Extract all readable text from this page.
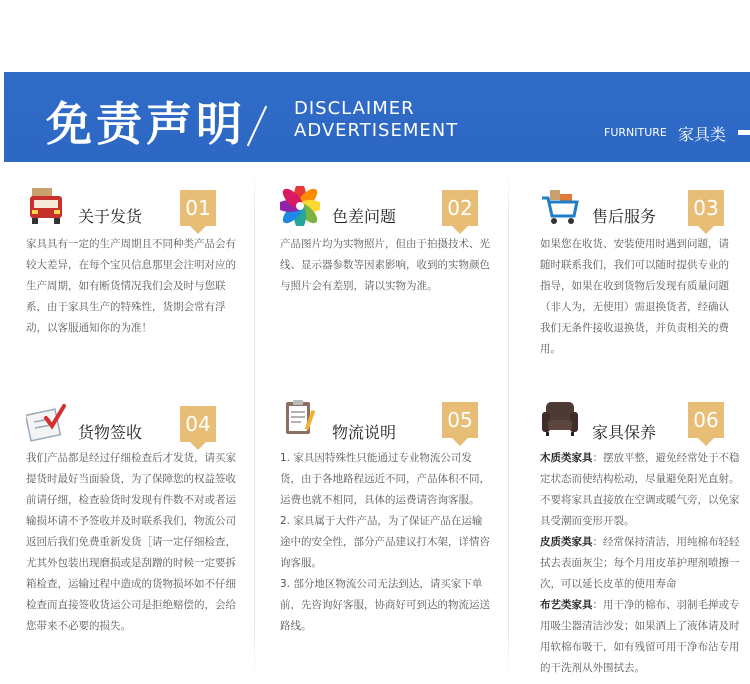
免责声明	DISCLAIMER
ADVERTISEMENT	FURNITURE 家具类
关于发货 01

家具具有一定的生产周期且不同种类产品会有较大差异，在每个宝贝信息那里会注明对应的生产周期，如有断货情况我们会及时与您联系，由于家具生产的特殊性，货期会常有浮动，以客服通知你的为准！

色差问题	02

产品图片均为实物照片，但由于拍摄技术、光线、显示器参数等因素影响，收到的实物颜色与照片会有差别，请以实物为准。

售后服务 03

如果您在收货、安装使用时遇到问题，请随时联系我们，我们可以随时提供专业的指导，如果在收到货物后发现有质量问题（非人为，无使用）需退换货者，经确认我们无条件接收退换货，并负责相关的费用。

货物签收 04

我们产品都是经过仔细检查后才发货，请买家提货时最好当面验货，为了保障您的权益签收前请仔细，检查验货时发现有件数不对或者运输损坏请不予签收并及时联系我们，物流公司返回后我们免费重新发货［请一定仔细检查，尤其外包装出现磨损或是刮蹭的时候一定要拆箱检查，运输过程中造成的货物损坏如不仔细检查而直接签收货运公司是拒绝赔偿的，会给您带来不必要的损失。

物流说明
05

1. 家具因特殊性只能通过专业物流公司发货，由于各地路程远近不同，产品体积不同，运费也就不相同，具体的运费请咨询客服。

2. 家具属于大件产品，为了保证产品在运输途中的安全性，部分产品建议打木架，详情咨询客服。

3. 部分地区物流公司无法到达，请买家下单前，先咨询好客服，协商好可到达的物流运送路线。

家具保养
06

木质类家具：摆放平整，避免经常处于不稳定状态而使结构松动，尽量避免阳光直射。不要将家具直接放在空调或暖气旁，以免家具受潮而变形开裂。

皮质类家具：经常保持清洁，用纯棉布轻轻拭去表面灰尘；每个月用皮革护理剂喷擦一次，可以延长皮革的使用寿命

布艺类家具：用干净的棉布、羽制毛掸或专用吸尘器清洁沙发；如果洒上了液体请及时用软棉布吸干，如有残留可用干净布沾专用的干洗剂从外围拭去。
